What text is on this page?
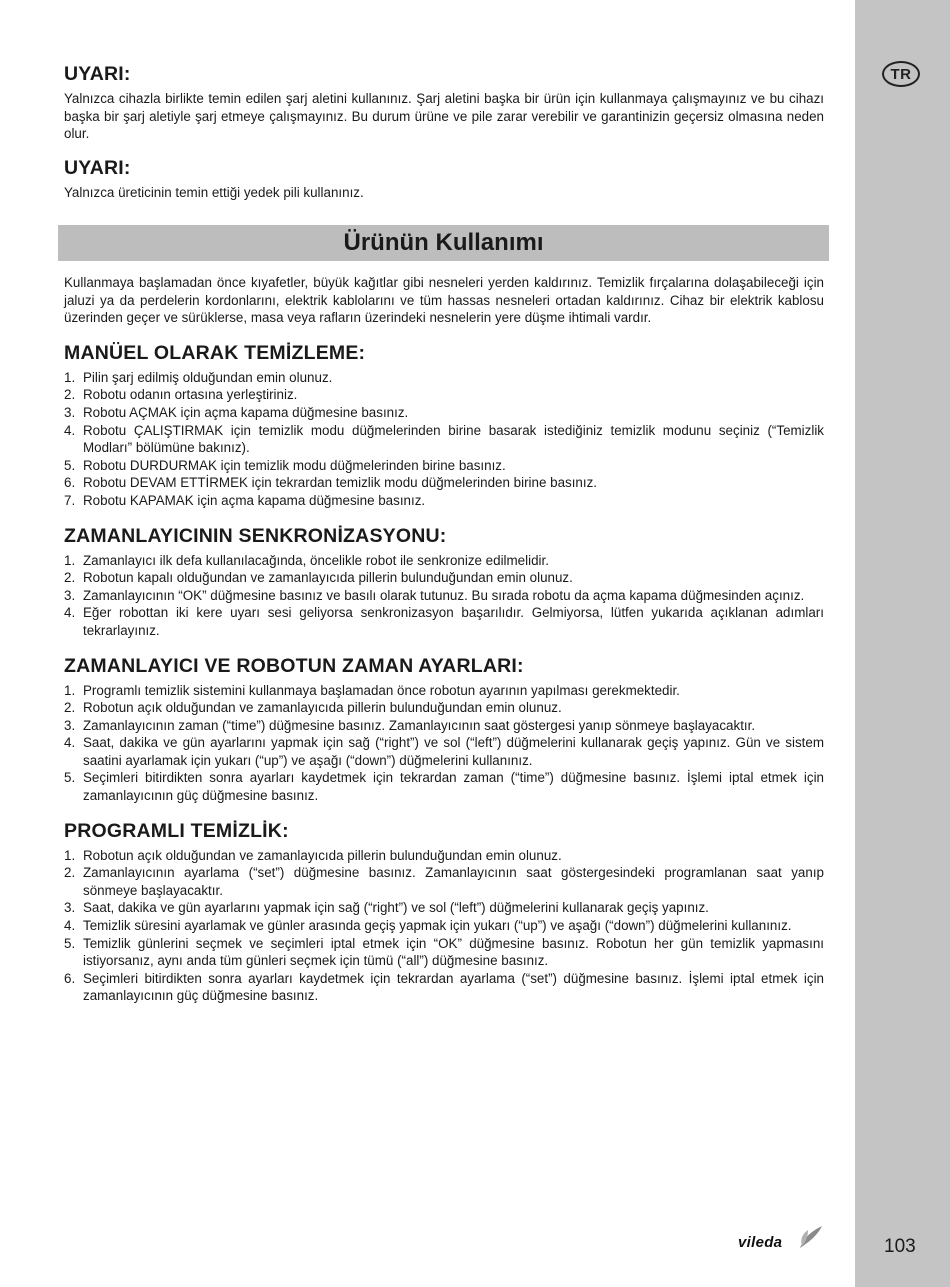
TR
103
UYARI:

Yalnızca cihazla birlikte temin edilen şarj aletini kullanınız. Şarj aletini başka bir ürün için kullanmaya çalışmayınız ve bu cihazı başka bir şarj aletiyle şarj etmeye çalışmayınız. Bu durum ürüne ve pile zarar verebilir ve garantinizin geçersiz olmasına neden olur.

UYARI:

Yalnızca üreticinin temin ettiği yedek pili kullanınız.

Ürünün Kullanımı

Kullanmaya başlamadan önce kıyafetler, büyük kağıtlar gibi nesneleri yerden kaldırınız. Temizlik fırçalarına dolaşabileceği için jaluzi ya da perdelerin kordonlarını, elektrik kablolarını ve tüm hassas nesneleri ortadan kaldırınız. Cihaz bir elektrik kablosu üzerinden geçer ve sürüklerse, masa veya rafların üzerindeki nesnelerin yere düşme ihtimali vardır.

MANÜEL OLARAK TEMİZLEME:
1. Pilin şarj edilmiş olduğundan emin olunuz.
2. Robotu odanın ortasına yerleştiriniz.
3. Robotu AÇMAK için açma kapama düğmesine basınız.
4. Robotu ÇALIŞTIRMAK için temizlik modu düğmelerinden birine basarak istediğiniz temizlik modunu seçiniz (“Temizlik Modları” bölümüne bakınız).
5. Robotu DURDURMAK için temizlik modu düğmelerinden birine basınız.
6. Robotu DEVAM ETTİRMEK için tekrardan temizlik modu düğmelerinden birine basınız.
7. Robotu KAPAMAK için açma kapama düğmesine basınız.
ZAMANLAYICININ SENKRONİZASYONU:
1. Zamanlayıcı ilk defa kullanılacağında, öncelikle robot ile senkronize edilmelidir.
2. Robotun kapalı olduğundan ve zamanlayıcıda pillerin bulunduğundan emin olunuz.
3. Zamanlayıcının “OK” düğmesine basınız ve basılı olarak tutunuz. Bu sırada robotu da açma kapama düğmesinden açınız.
4. Eğer robottan iki kere uyarı sesi geliyorsa senkronizasyon başarılıdır. Gelmiyorsa, lütfen yukarıda açıklanan adımları tekrarlayınız.
ZAMANLAYICI VE ROBOTUN ZAMAN AYARLARI:
1. Programlı temizlik sistemini kullanmaya başlamadan önce robotun ayarının yapılması gerekmektedir.
2. Robotun açık olduğundan ve zamanlayıcıda pillerin bulunduğundan emin olunuz.
3. Zamanlayıcının zaman (“time”) düğmesine basınız. Zamanlayıcının saat göstergesi yanıp sönmeye başlayacaktır.
4. Saat, dakika ve gün ayarlarını yapmak için sağ (“right”) ve sol (“left”) düğmelerini kullanarak geçiş yapınız. Gün ve sistem saatini ayarlamak için yukarı (“up”) ve aşağı (“down”) düğmelerini kullanınız.
5. Seçimleri bitirdikten sonra ayarları kaydetmek için tekrardan zaman (“time”) düğmesine basınız. İşlemi iptal etmek için zamanlayıcının güç düğmesine basınız.
PROGRAMLI TEMİZLİK:
1. Robotun açık olduğundan ve zamanlayıcıda pillerin bulunduğundan emin olunuz.
2. Zamanlayıcının ayarlama (“set”) düğmesine basınız. Zamanlayıcının saat göstergesindeki programlanan saat yanıp sönmeye başlayacaktır.
3. Saat, dakika ve gün ayarlarını yapmak için sağ (“right”) ve sol (“left”) düğmelerini kullanarak geçiş yapınız.
4. Temizlik süresini ayarlamak ve günler arasında geçiş yapmak için yukarı (“up”) ve aşağı (“down”) düğmelerini kullanınız.
5. Temizlik günlerini seçmek ve seçimleri iptal etmek için “OK” düğmesine basınız. Robotun her gün temizlik yapmasını istiyorsanız, aynı anda tüm günleri seçmek için tümü (“all”) düğmesine basınız.
6. Seçimleri bitirdikten sonra ayarları kaydetmek için tekrardan ayarlama (“set”) düğmesine basınız. İşlemi iptal etmek için zamanlayıcının güç düğmesine basınız.
vileda
